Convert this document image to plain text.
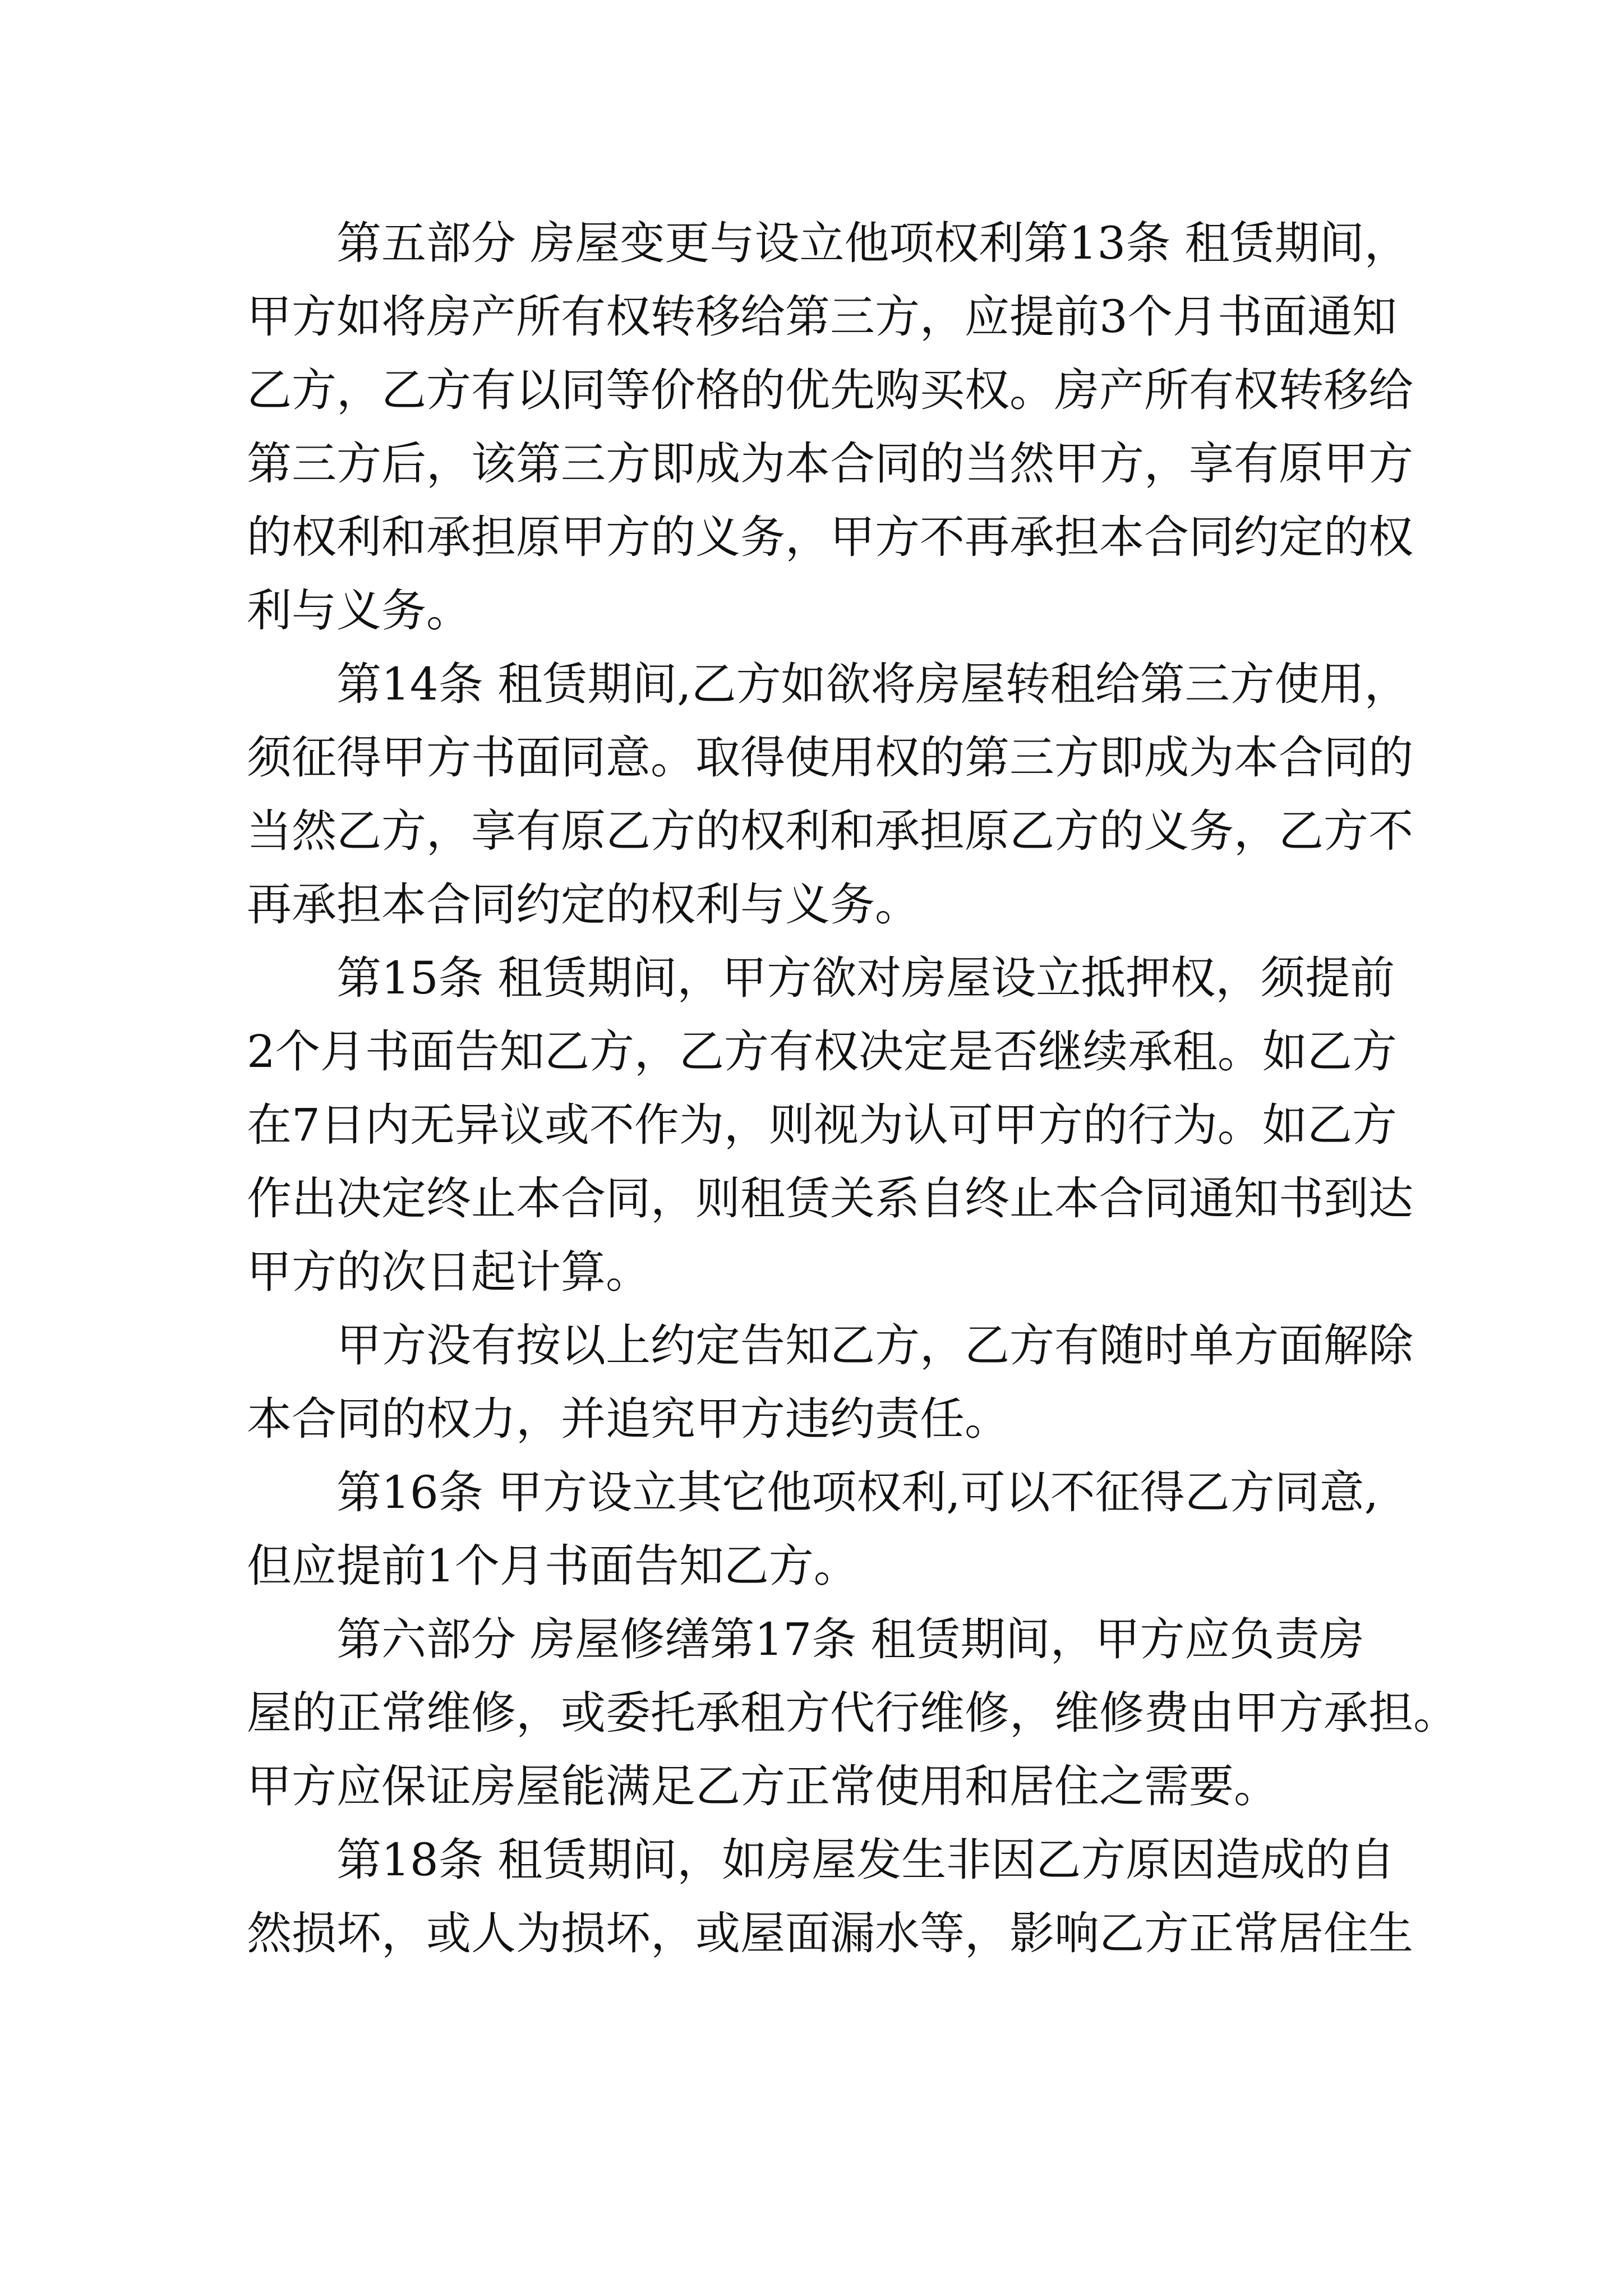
第五部分 房屋变更与设立他项权利第13条 租赁期间，
甲方如将房产所有权转移给第三方，应提前3个月书面通知
乙方，乙方有以同等价格的优先购买权。房产所有权转移给
第三方后，该第三方即成为本合同的当然甲方，享有原甲方
的权利和承担原甲方的义务，甲方不再承担本合同约定的权
利与义务。
第14条 租赁期间,乙方如欲将房屋转租给第三方使用，
须征得甲方书面同意。取得使用权的第三方即成为本合同的
当然乙方，享有原乙方的权利和承担原乙方的义务，乙方不
再承担本合同约定的权利与义务。
第15条 租赁期间，甲方欲对房屋设立抵押权，须提前
2个月书面告知乙方，乙方有权决定是否继续承租。如乙方
在7日内无异议或不作为，则视为认可甲方的行为。如乙方
作出决定终止本合同，则租赁关系自终止本合同通知书到达
甲方的次日起计算。
甲方没有按以上约定告知乙方，乙方有随时单方面解除
本合同的权力，并追究甲方违约责任。
第16条 甲方设立其它他项权利,可以不征得乙方同意,
但应提前1个月书面告知乙方。
第六部分 房屋修缮第17条 租赁期间，甲方应负责房
屋的正常维修，或委托承租方代行维修，维修费由甲方承担。
甲方应保证房屋能满足乙方正常使用和居住之需要。
第18条 租赁期间，如房屋发生非因乙方原因造成的自
然损坏，或人为损坏，或屋面漏水等，影响乙方正常居住生
